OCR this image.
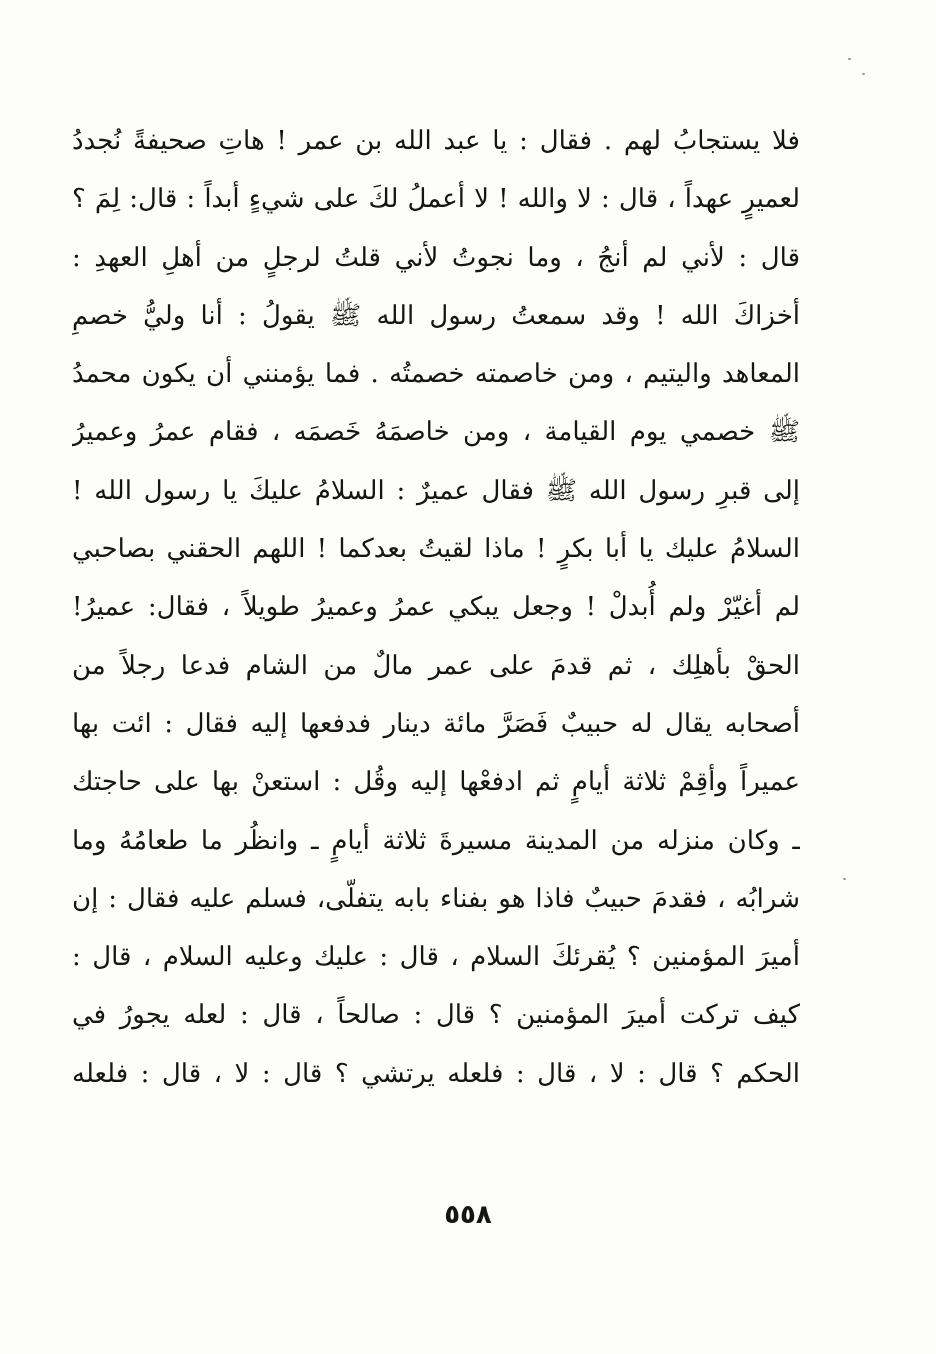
فلا يستجابُ لهم . فقال : يا عبد الله بن عمر ! هاتِ صحيفةً نُجددُ
لعميرٍ عهداً ، قال : لا والله ! لا أعملُ لكَ على شيءٍ أبداً : قال: لِمَ ؟
قال : لأني لم أنجُ ، وما نجوتُ لأني قلتُ لرجلٍ من أهلِ العهدِ :
أخزاكَ الله ! وقد سمعتُ رسول الله ﷺ يقولُ : أنا وليُّ خصمِ
المعاهد واليتيم ، ومن خاصمته خصمتُه . فما يؤمنني أن يكون محمدُ
ﷺ خصمي يوم القيامة ، ومن خاصمَهُ خَصمَه ، فقام عمرُ وعميرُ
إلى قبرِ رسول الله ﷺ فقال عميرٌ : السلامُ عليكَ يا رسول الله !
السلامُ عليك يا أبا بكرٍ ! ماذا لقيتُ بعدكما ! اللهم الحقني بصاحبي
لم أغيّرْ ولم أُبدلْ ! وجعل يبكي عمرُ وعميرُ طويلاً ، فقال: عميرُ!
الحقْ بأهلِك ، ثم قدمَ على عمر مالٌ من الشام فدعا رجلاً من
أصحابه يقال له حبيبٌ فَصَرَّ مائة دينار فدفعها إليه فقال : ائت بها
عميراً وأقِمْ ثلاثة أيامٍ ثم ادفعْها إليه وقُل : استعنْ بها على حاجتك
ـ وكان منزله من المدينة مسيرةَ ثلاثة أيامٍ ـ وانظُر ما طعامُهُ وما
شرابُه ، فقدمَ حبيبٌ فاذا هو بفناء بابه يتفلّى، فسلم عليه فقال : إن
أميرَ المؤمنين ؟ يُقرئكَ السلام ، قال : عليك وعليه السلام ، قال :
كيف تركت أميرَ المؤمنين ؟ قال : صالحاً ، قال : لعله يجورُ في
الحكم ؟ قال : لا ، قال : فلعله يرتشي ؟ قال : لا ، قال : فلعله
٥٥٨
